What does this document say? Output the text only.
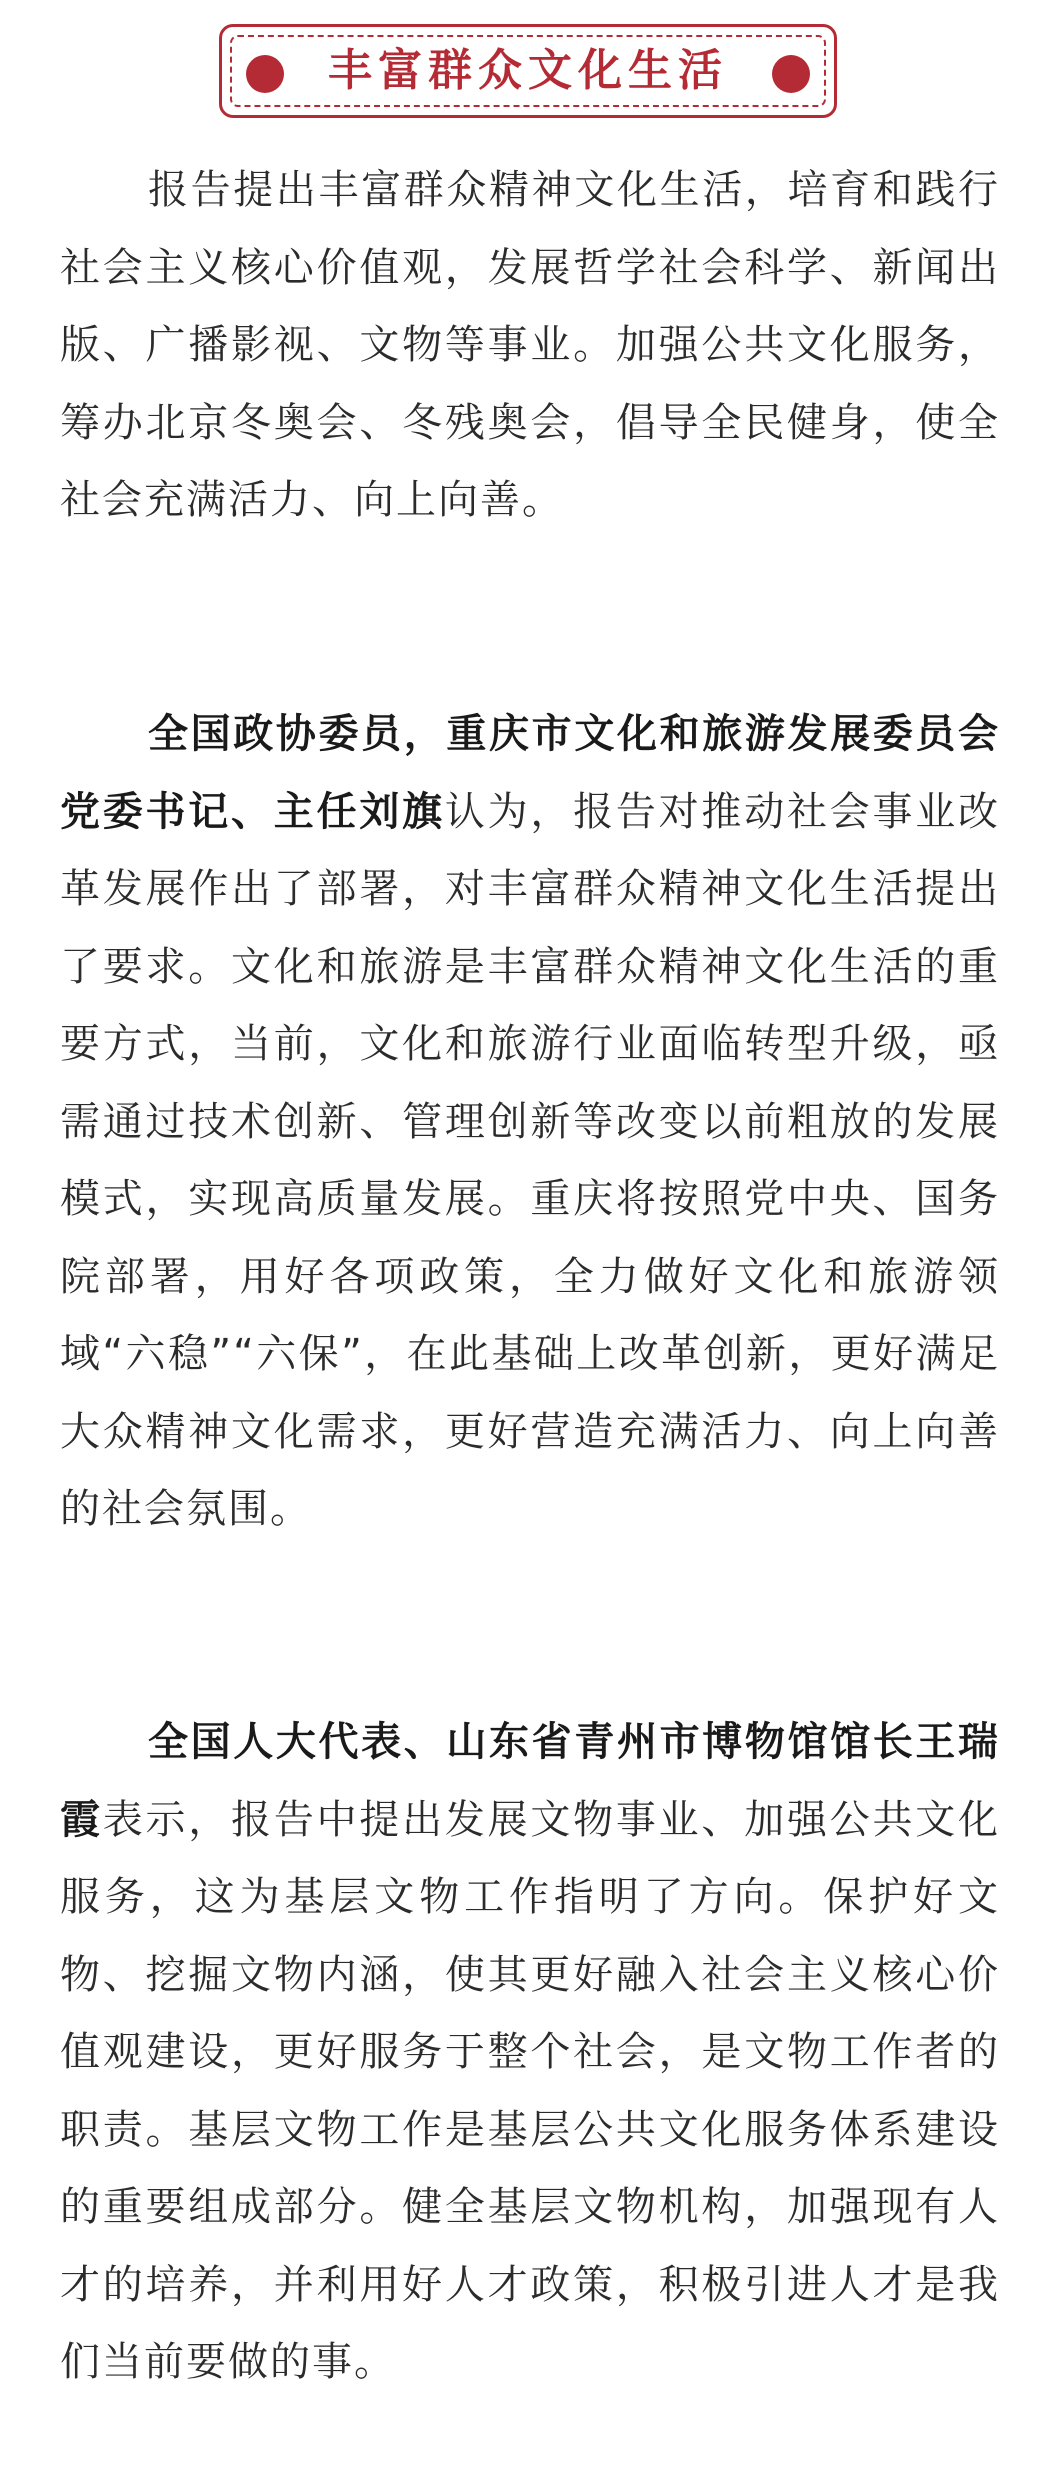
丰富群众文化生活

报告提出丰富群众精神文化生活，培育和践行社会主义核心价值观，发展哲学社会科学、新闻出版、广播影视、文物等事业。加强公共文化服务，筹办北京冬奥会、冬残奥会，倡导全民健身，使全社会充满活力、向上向善。

全国政协委员，重庆市文化和旅游发展委员会党委书记、主任刘旗认为，报告对推动社会事业改革发展作出了部署，对丰富群众精神文化生活提出了要求。文化和旅游是丰富群众精神文化生活的重要方式，当前，文化和旅游行业面临转型升级，亟需通过技术创新、管理创新等改变以前粗放的发展模式，实现高质量发展。重庆将按照党中央、国务院部署，用好各项政策，全力做好文化和旅游领域“六稳”“六保”，在此基础上改革创新，更好满足大众精神文化需求，更好营造充满活力、向上向善的社会氛围。

全国人大代表、山东省青州市博物馆馆长王瑞霞表示，报告中提出发展文物事业、加强公共文化服务，这为基层文物工作指明了方向。保护好文物、挖掘文物内涵，使其更好融入社会主义核心价值观建设，更好服务于整个社会，是文物工作者的职责。基层文物工作是基层公共文化服务体系建设的重要组成部分。健全基层文物机构，加强现有人才的培养，并利用好人才政策，积极引进人才是我们当前要做的事。
